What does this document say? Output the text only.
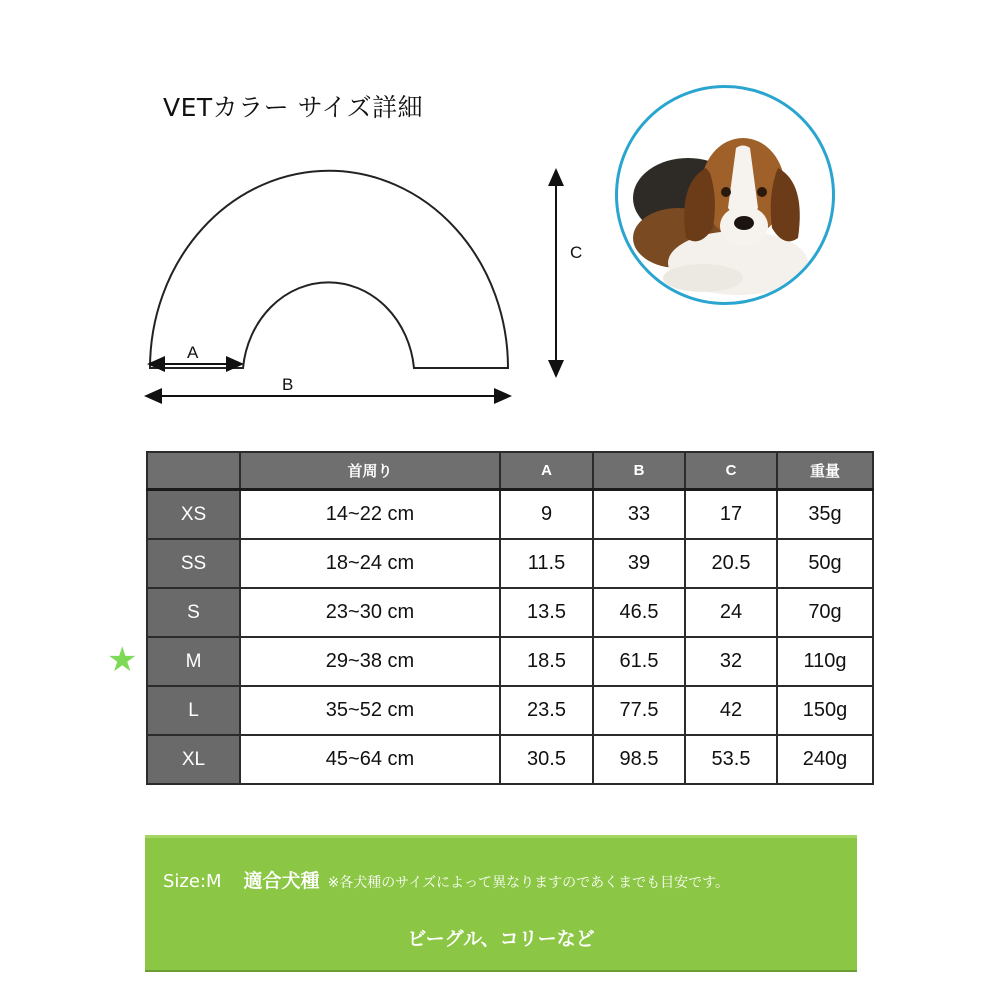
VETカラー サイズ詳細
A
B
C
	首周り	A	B	C	重量
XS	14~22 cm	9	33	17	35g
SS	18~24 cm	11.5	39	20.5	50g
S	23~30 cm	13.5	46.5	24	70g
M	29~38 cm	18.5	61.5	32	110g
L	35~52 cm	23.5	77.5	42	150g
XL	45~64 cm	30.5	98.5	53.5	240g
★
Size:M 適合犬種 ※各犬種のサイズによって異なりますのであくまでも目安です。
ビーグル、コリーなど
